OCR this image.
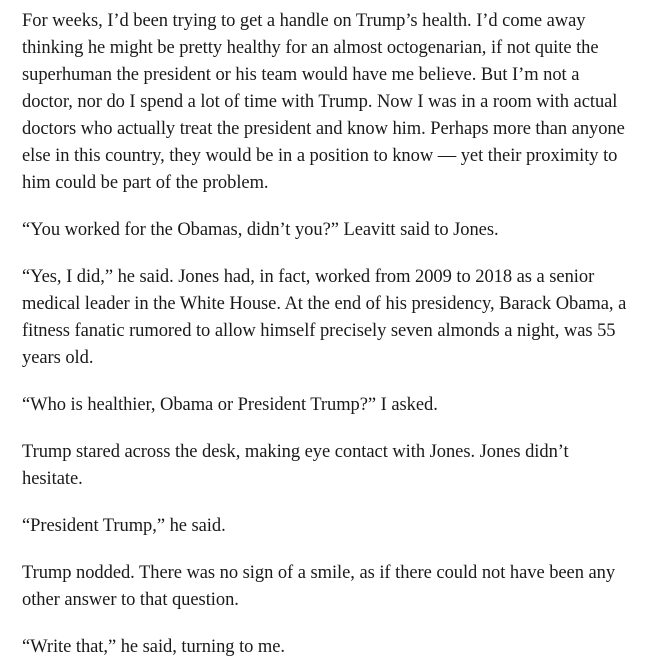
For weeks, I’d been trying to get a handle on Trump’s health. I’d come away thinking he might be pretty healthy for an almost octogenarian, if not quite the superhuman the president or his team would have me believe. But I’m not a doctor, nor do I spend a lot of time with Trump. Now I was in a room with actual doctors who actually treat the president and know him. Perhaps more than anyone else in this country, they would be in a position to know — yet their proximity to him could be part of the problem.

“You worked for the Obamas, didn’t you?” Leavitt said to Jones.

“Yes, I did,” he said. Jones had, in fact, worked from 2009 to 2018 as a senior medical leader in the White House. At the end of his presidency, Barack Obama, a fitness fanatic rumored to allow himself precisely seven almonds a night, was 55 years old.

“Who is healthier, Obama or President Trump?” I asked.

Trump stared across the desk, making eye contact with Jones. Jones didn’t hesitate.

“President Trump,” he said.

Trump nodded. There was no sign of a smile, as if there could not have been any other answer to that question.

“Write that,” he said, turning to me.
